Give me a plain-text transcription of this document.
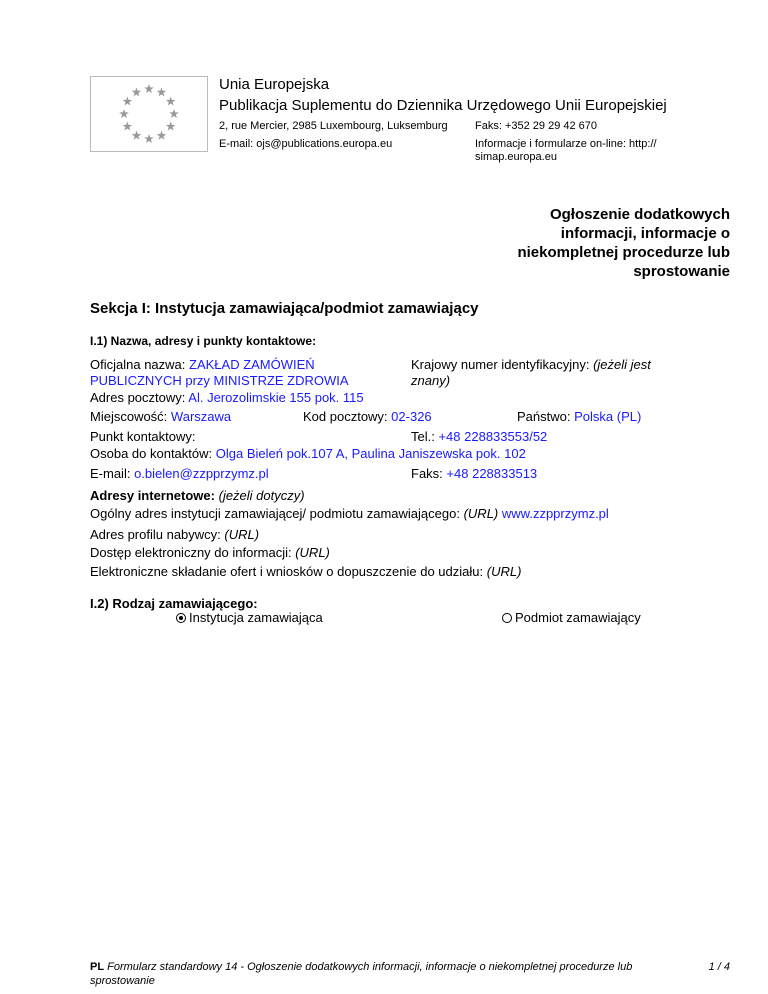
Unia Europejska
Publikacja Suplementu do Dziennika Urzędowego Unii Europejskiej
2, rue Mercier, 2985 Luxembourg, Luksemburg Faks: +352 29 29 42 670
E-mail: ojs@publications.europa.eu	Informacje i formularze on-line: http://
simap.europa.eu
Ogłoszenie dodatkowych
informacji, informacje o
niekompletnej procedurze lub
sprostowanie
Sekcja I: Instytucja zamawiająca/podmiot zamawiający
I.1) Nazwa, adresy i punkty kontaktowe:
Oficjalna nazwa: ZAKŁAD ZAMÓWIEŃ
PUBLICZNYCH przy MINISTRZE ZDROWIA
Krajowy numer identyfikacyjny: (jeżeli jest
znany)
Adres pocztowy: Al. Jerozolimskie 155 pok. 115
Miejscowość: Warszawa	Kod pocztowy: 02-326	Państwo: Polska (PL)
Punkt kontaktowy:	Tel.: +48 228833553/52
Osoba do kontaktów: Olga Bieleń pok.107 A, Paulina Janiszewska pok. 102
E-mail: o.bielen@zzpprzymz.pl	Faks: +48 228833513
Adresy internetowe: (jeżeli dotyczy)
Ogólny adres instytucji zamawiającej/ podmiotu zamawiającego: (URL) www.zzpprzymz.pl
Adres profilu nabywcy: (URL)
Dostęp elektroniczny do informacji: (URL)
Elektroniczne składanie ofert i wniosków o dopuszczenie do udziału: (URL)
I.2) Rodzaj zamawiającego:
Instytucja zamawiająca	Podmiot zamawiający
PL Formularz standardowy 14 - Ogłoszenie dodatkowych informacji, informacje o niekompletnej procedurze lub
sprostowanie
1 / 4
